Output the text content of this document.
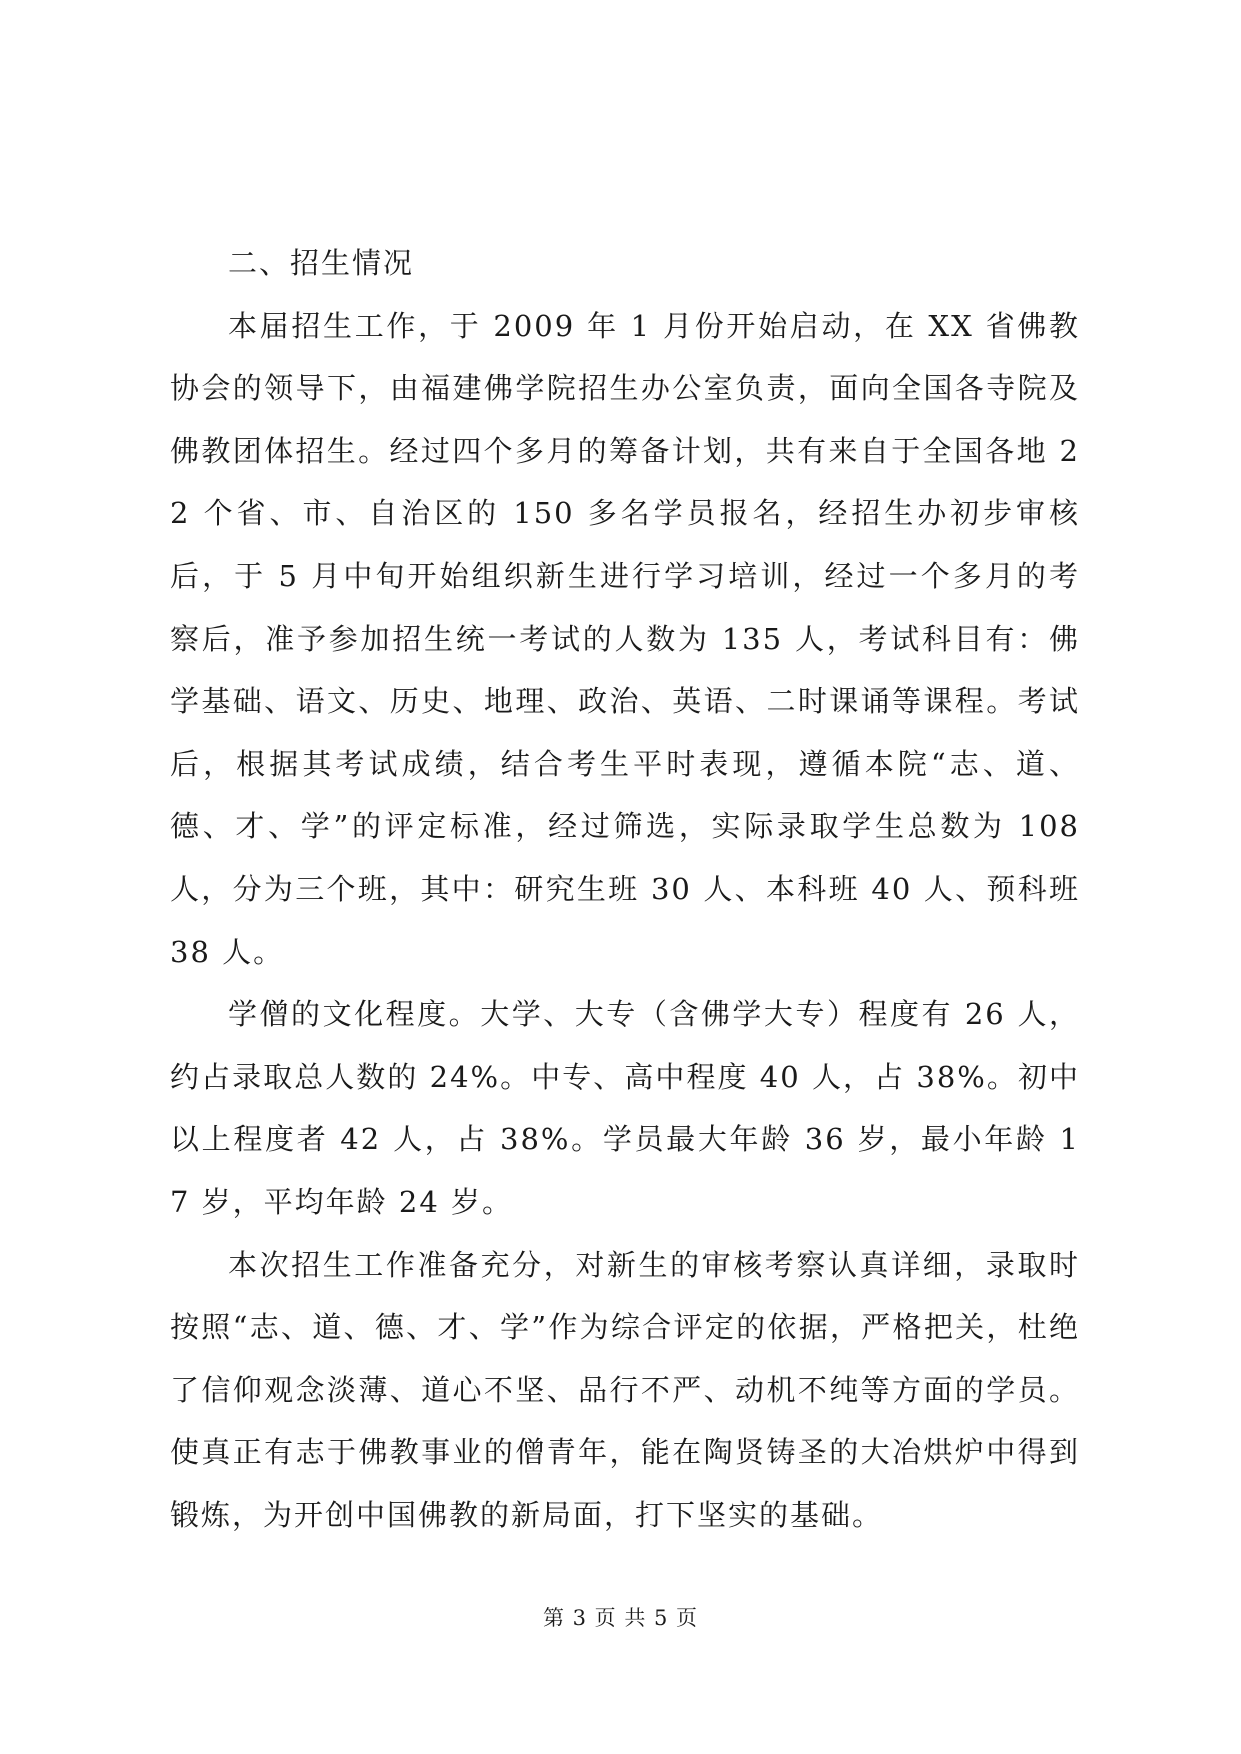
二、招生情况

本届招生工作，于 2009 年 1 月份开始启动，在 XX 省佛教协会的领导下，由福建佛学院招生办公室负责，面向全国各寺院及佛教团体招生。经过四个多月的筹备计划，共有来自于全国各地 22 个省、市、自治区的 150 多名学员报名，经招生办初步审核后，于 5 月中旬开始组织新生进行学习培训，经过一个多月的考察后，准予参加招生统一考试的人数为 135 人，考试科目有：佛学基础、语文、历史、地理、政治、英语、二时课诵等课程。考试后，根据其考试成绩，结合考生平时表现，遵循本院“志、道、德、才、学”的评定标准，经过筛选，实际录取学生总数为 108 人，分为三个班，其中：研究生班 30 人、本科班 40 人、预科班 38 人。

学僧的文化程度。大学、大专（含佛学大专）程度有 26 人，约占录取总人数的 24%。中专、高中程度 40 人，占 38%。初中以上程度者 42 人，占 38%。学员最大年龄 36 岁，最小年龄 17 岁，平均年龄 24 岁。

本次招生工作准备充分，对新生的审核考察认真详细，录取时按照“志、道、德、才、学”作为综合评定的依据，严格把关，杜绝了信仰观念淡薄、道心不坚、品行不严、动机不纯等方面的学员。使真正有志于佛教事业的僧青年，能在陶贤铸圣的大冶烘炉中得到锻炼，为开创中国佛教的新局面，打下坚实的基础。

第 3 页 共 5 页
